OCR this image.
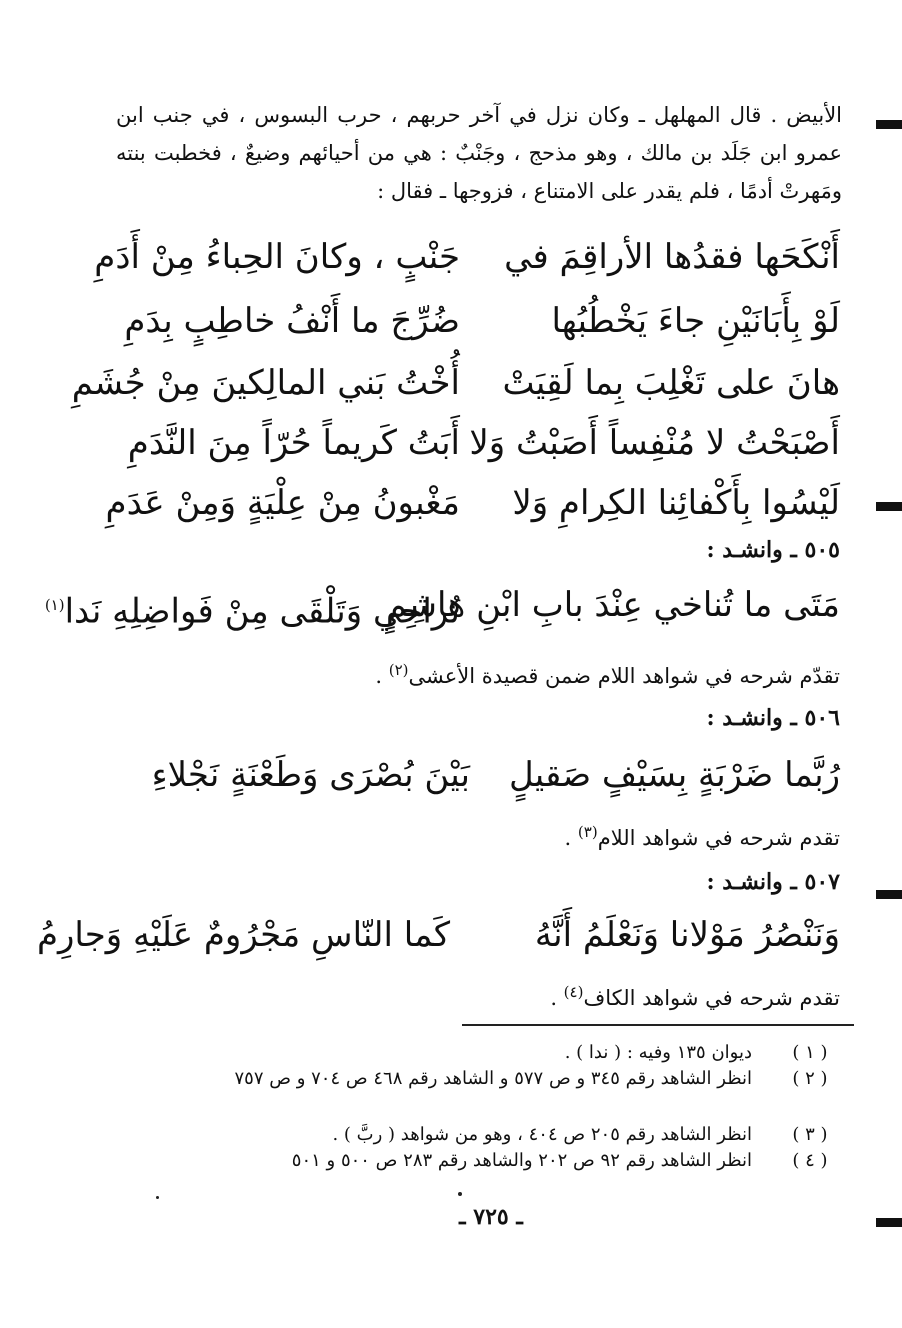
الأبيض . قال المهلهل ـ وكان نزل في آخر حربهم ، حرب البسوس ، في جنب ابن عمرو ابن جَلَد بن مالك ، وهو مذحج ، وجَنْبٌ : هي من أحيائهم وضيعٌ ، فخطبت بنته ومَهرتْ أدمًا ، فلم يقدر على الامتناع ، فزوجها ـ فقال :

أَنْكَحَها فقدُها الأراقِمَ في
جَنْبٍ ، وكانَ الحِباءُ مِنْ أَدَمِ
لَوْ بِأَبَانَيْنِ جاءَ يَخْطُبُها
ضُرِّجَ ما أَنْفُ خاطِبٍ بِدَمِ
هانَ على تَغْلِبَ بِما لَقِيَتْ
أُخْتُ بَني المالِكينَ مِنْ جُشَمِ
أَصْبَحْتُ لا مُنْفِساً أَصَبْتُ وَلا
أَبَتُ كَريماً حُرّاً مِنَ النَّدَمِ
لَيْسُوا بِأَكْفائِنا الكِرامِ وَلا
مَغْبونُ مِنْ عِلْيَةٍ وَمِنْ عَدَمِ
٥٠٥ ـ وانشـد :
مَتَى ما تُناخي عِنْدَ بابِ ابْنِ هاشِمٍ
تُراحِي وَتَلْقَى مِنْ فَواضِلِهِ نَدا$^{(١)}$
تقدّم شرحه في شواهد اللام ضمن قصيدة الأعشى$^{(٢)}$ .
٥٠٦ ـ وانشـد :
رُبَّما ضَرْبَةٍ بِسَيْفٍ صَقيلٍ
بَيْنَ بُصْرَى وَطَعْنَةٍ نَجْلاءِ
تقدم شرحه في شواهد اللام$^{(٣)}$ .
٥٠٧ ـ وانشـد :
وَنَنْصُرُ مَوْلانا وَنَعْلَمُ أَنَّهُ
كَما النّاسِ مَجْرُومٌ عَلَيْهِ وَجارِمُ
تقدم شرحه في شواهد الكاف$^{(٤)}$ .
( ١ )
ديوان ١٣٥ وفيه : ( ندا ) .
( ٢ )
انظر الشاهد رقم ٣٤٥ و ص ٥٧٧ و الشاهد رقم ٤٦٨ ص ٧٠٤ و ص ٧٥٧
( ٣ )
انظر الشاهد رقم ٢٠٥ ص ٤٠٤ ، وهو من شواهد ( ربَّ ) .
( ٤ )
انظر الشاهد رقم ٩٢ ص ٢٠٢ والشاهد رقم ٢٨٣ ص ٥٠٠ و ٥٠١
ـ ٧٢٥ ـ
